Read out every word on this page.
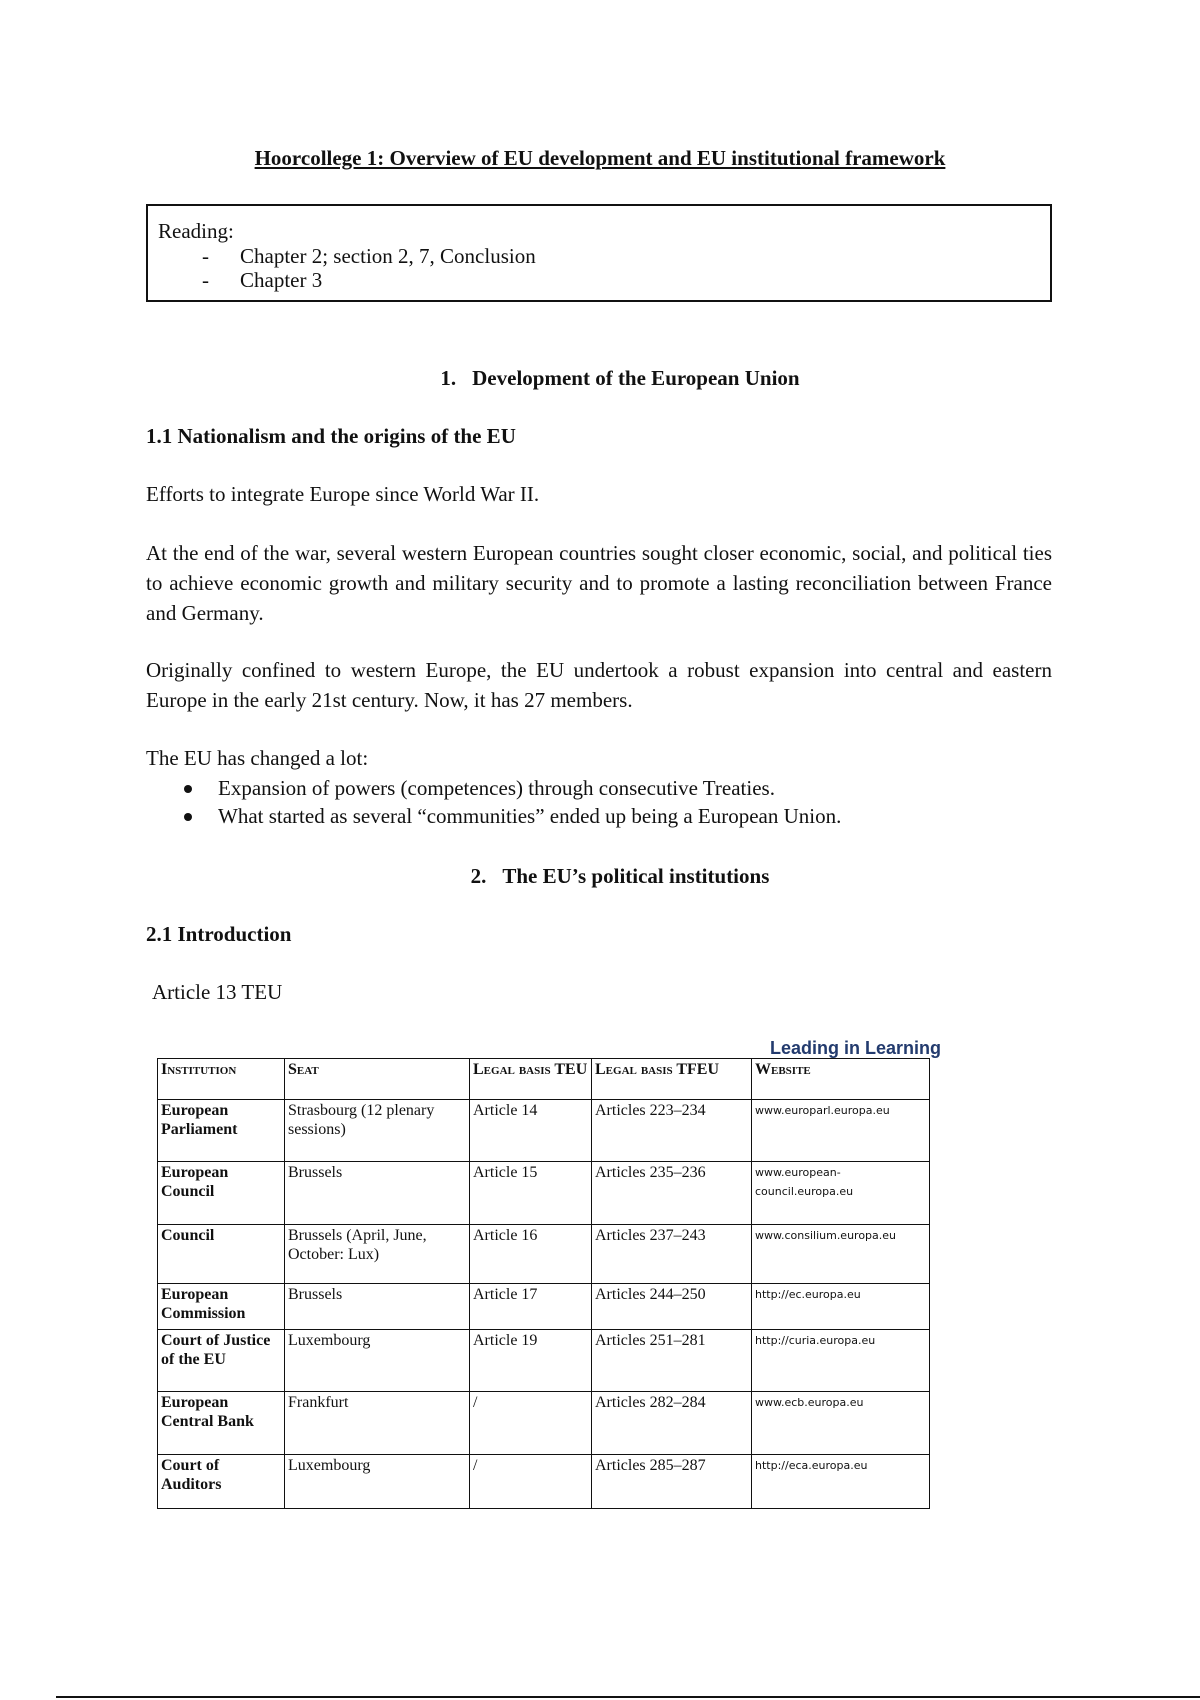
Hoorcollege 1: Overview of EU development and EU institutional framework
Reading:
- Chapter 2; section 2, 7, Conclusion
- Chapter 3
1. Development of the European Union
1.1 Nationalism and the origins of the EU
Efforts to integrate Europe since World War II.
At the end of the war, several western European countries sought closer economic, social, and political ties to achieve economic growth and military security and to promote a lasting reconciliation between France and Germany.
Originally confined to western Europe, the EU undertook a robust expansion into central and eastern Europe in the early 21st century. Now, it has 27 members.
The EU has changed a lot:
Expansion of powers (competences) through consecutive Treaties.
What started as several “communities” ended up being a European Union.
2. The EU’s political institutions
2.1 Introduction
Article 13 TEU
Leading in Learning
Institution	Seat	Legal basis TEU	Legal basis TFEU	Website
European Parliament	Strasbourg (12 plenary sessions)	Article 14	Articles 223–234	www.europarl.europa.eu
European Council	Brussels	Article 15	Articles 235–236	www.european-council.europa.eu
Council	Brussels (April, June, October: Lux)	Article 16	Articles 237–243	www.consilium.europa.eu
European Commission	Brussels	Article 17	Articles 244–250	http://ec.europa.eu
Court of Justice of the EU	Luxembourg	Article 19	Articles 251–281	http://curia.europa.eu
European Central Bank	Frankfurt	/	Articles 282–284	www.ecb.europa.eu
Court of Auditors	Luxembourg	/	Articles 285–287	http://eca.europa.eu
